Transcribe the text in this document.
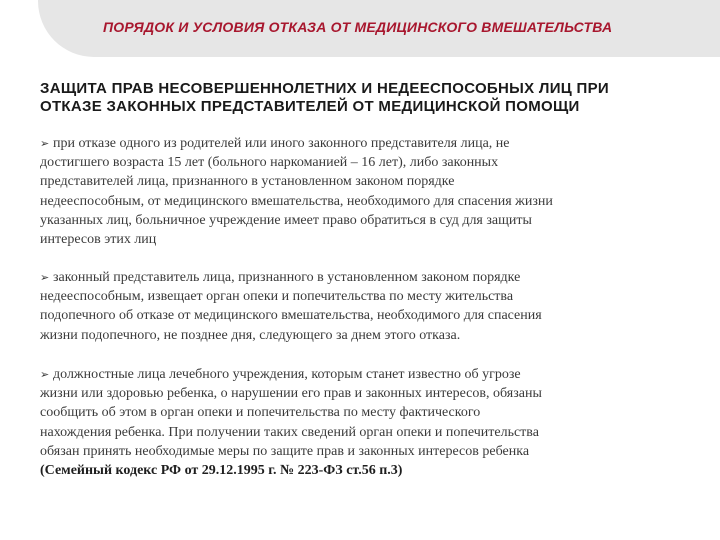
ПОРЯДОК И УСЛОВИЯ ОТКАЗА ОТ МЕДИЦИНСКОГО ВМЕШАТЕЛЬСТВА
ЗАЩИТА ПРАВ НЕСОВЕРШЕННОЛЕТНИХ И НЕДЕЕСПОСОБНЫХ ЛИЦ ПРИ
ОТКАЗЕ ЗАКОННЫХ ПРЕДСТАВИТЕЛЕЙ ОТ МЕДИЦИНСКОЙ ПОМОЩИ

➢ при отказе одного из родителей или иного законного представителя лица, не
достигшего возраста 15 лет (больного наркоманией – 16 лет), либо законных
представителей лица, признанного в установленном законом порядке
недееспособным, от медицинского вмешательства, необходимого для спасения жизни
указанных лиц, больничное учреждение имеет право обратиться в суд для защиты
интересов этих лиц

➢ законный представитель лица, признанного в установленном законом порядке
недееспособным, извещает орган опеки и попечительства по месту жительства
подопечного об отказе от медицинского вмешательства, необходимого для спасения
жизни подопечного, не позднее дня, следующего за днем этого отказа.

➢ должностные лица лечебного учреждения, которым станет известно об угрозе
жизни или здоровью ребенка, о нарушении его прав и законных интересов, обязаны
сообщить об этом в орган опеки и попечительства по месту фактического
нахождения ребенка. При получении таких сведений орган опеки и попечительства
обязан принять необходимые меры по защите прав и законных интересов ребенка
(Семейный кодекс РФ от 29.12.1995 г. № 223-ФЗ ст.56 п.3)
